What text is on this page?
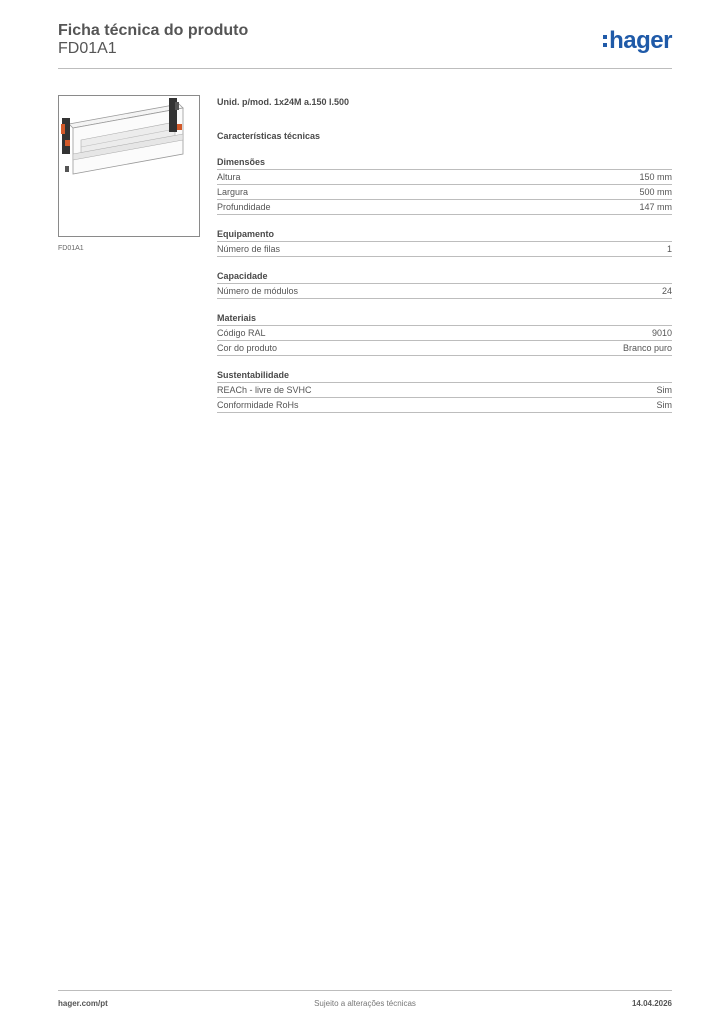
Ficha técnica do produto
FD01A1	hager
FD01A1
Unid. p/mod. 1x24M a.150 l.500
Características técnicas
Dimensões
Altura	150 mm
Largura	500 mm
Profundidade	147 mm
Equipamento
Número de filas	1
Capacidade
Número de módulos	24
Materiais
Código RAL	9010
Cor do produto	Branco puro
Sustentabilidade
REACh - livre de SVHC	Sim
Conformidade RoHs	Sim
Sujeito a alterações técnicas
hager.com/pt	14.04.2026
